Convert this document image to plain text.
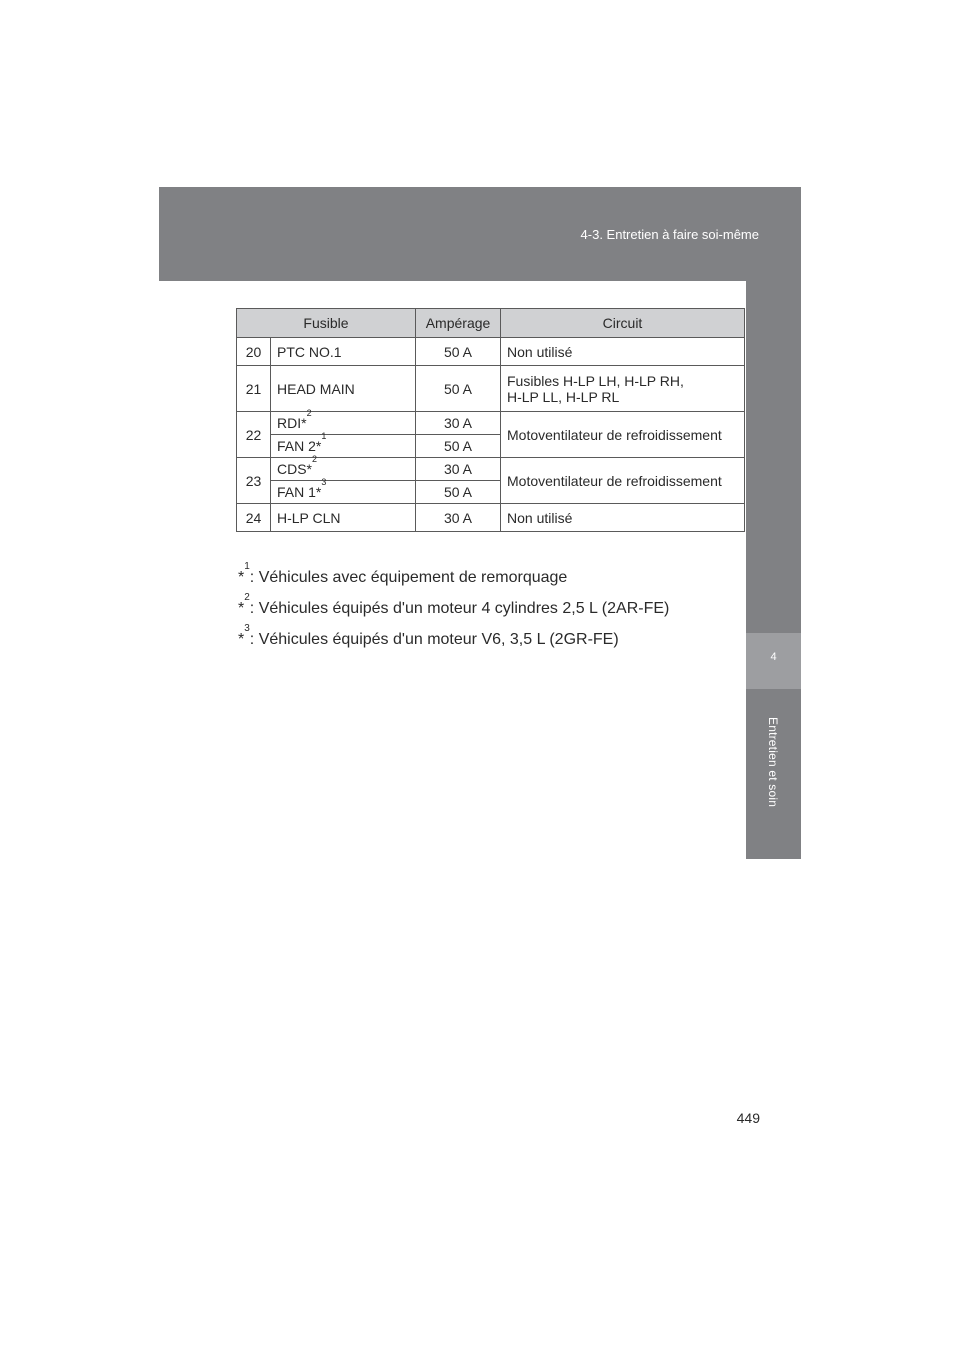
4-3. Entretien à faire soi-même
4
Entretien et soin
Fusible		Ampérage	Circuit
20	PTC NO.1	50 A	Non utilisé
21	HEAD MAIN	50 A	Fusibles H-LP LH, H-LP RH,
H-LP LL, H-LP RL

22	RDI*$^2$	30 A	Motoventilateur de refroidissement
	FAN 2*$^1$	50 A	
23	CDS*$^2$	30 A	Motoventilateur de refroidissement
	FAN 1*$^3$	50 A	
24	H-LP CLN	30 A	Non utilisé

*$^1$: Véhicules avec équipement de remorquage

*$^2$: Véhicules équipés d'un moteur 4 cylindres 2,5 L (2AR-FE)

*$^3$: Véhicules équipés d'un moteur V6, 3,5 L (2GR-FE)

449
